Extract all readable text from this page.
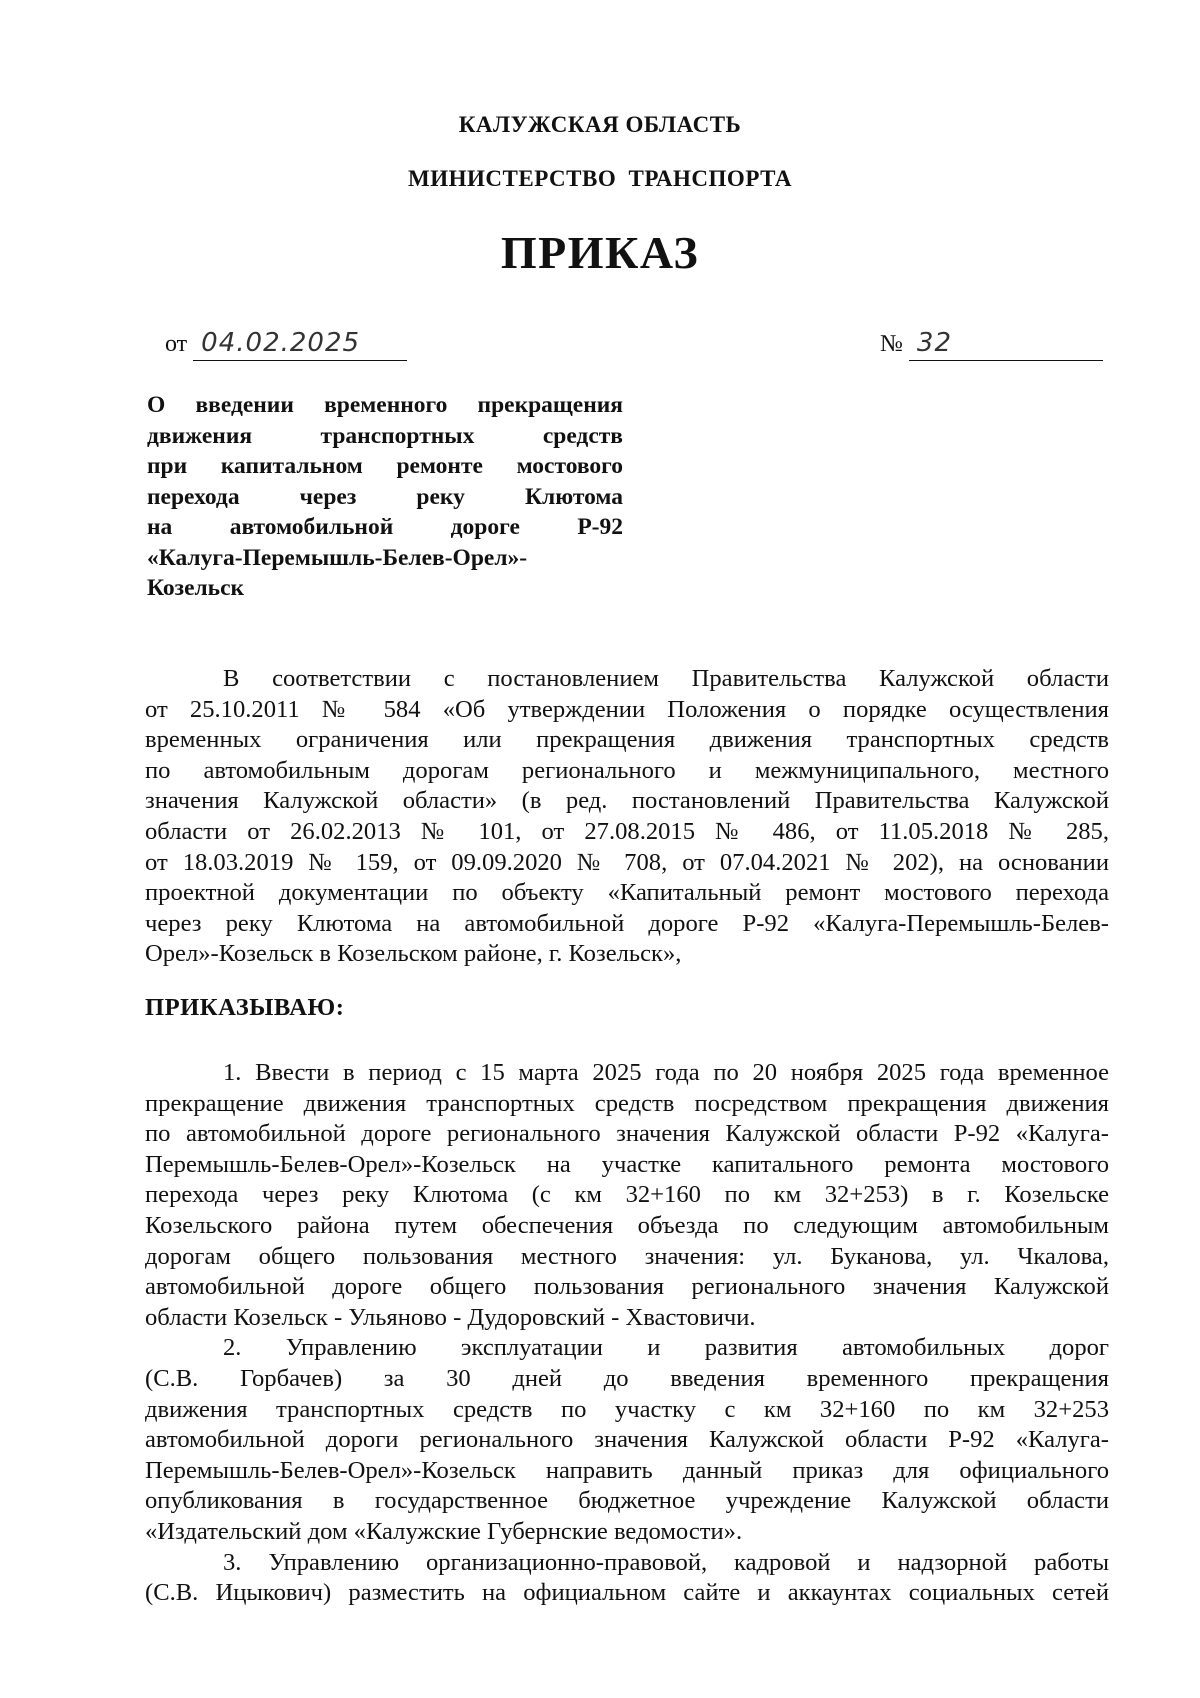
КАЛУЖСКАЯ ОБЛАСТЬ
МИНИСТЕРСТВО ТРАНСПОРТА
ПРИКАЗ
от 04.02.2025	№ 32
О введении временного прекращения
движения транспортных средств
при капитальном ремонте мостового
перехода через реку Клютома
на автомобильной дороге Р-92
«Калуга-Перемышль-Белев-Орел»-
Козельск
В соответствии с постановлением Правительства Калужской области
от 25.10.2011 № 584 «Об утверждении Положения о порядке осуществления
временных ограничения или прекращения движения транспортных средств
по автомобильным дорогам регионального и межмуниципального, местного
значения Калужской области» (в ред. постановлений Правительства Калужской
области от 26.02.2013 № 101, от 27.08.2015 № 486, от 11.05.2018 № 285,
от 18.03.2019 № 159, от 09.09.2020 № 708, от 07.04.2021 № 202), на основании
проектной документации по объекту «Капитальный ремонт мостового перехода
через реку Клютома на автомобильной дороге Р-92 «Калуга-Перемышль-Белев-
Орел»-Козельск в Козельском районе, г. Козельск»,
ПРИКАЗЫВАЮ:
1. Ввести в период с 15 марта 2025 года по 20 ноября 2025 года временное
прекращение движения транспортных средств посредством прекращения движения
по автомобильной дороге регионального значения Калужской области Р-92 «Калуга-
Перемышль-Белев-Орел»-Козельск на участке капитального ремонта мостового
перехода через реку Клютома (с км 32+160 по км 32+253) в г. Козельске
Козельского района путем обеспечения объезда по следующим автомобильным
дорогам общего пользования местного значения: ул. Буканова, ул. Чкалова,
автомобильной дороге общего пользования регионального значения Калужской
области Козельск - Ульяново - Дудоровский - Хвастовичи.
2. Управлению эксплуатации и развития автомобильных дорог
(С.В. Горбачев) за 30 дней до введения временного прекращения
движения транспортных средств по участку с км 32+160 по км 32+253
автомобильной дороги регионального значения Калужской области Р-92 «Калуга-
Перемышль-Белев-Орел»-Козельск направить данный приказ для официального
опубликования в государственное бюджетное учреждение Калужской области
«Издательский дом «Калужские Губернские ведомости».
3. Управлению организационно-правовой, кадровой и надзорной работы
(С.В. Ицыкович) разместить на официальном сайте и аккаунтах социальных сетей
